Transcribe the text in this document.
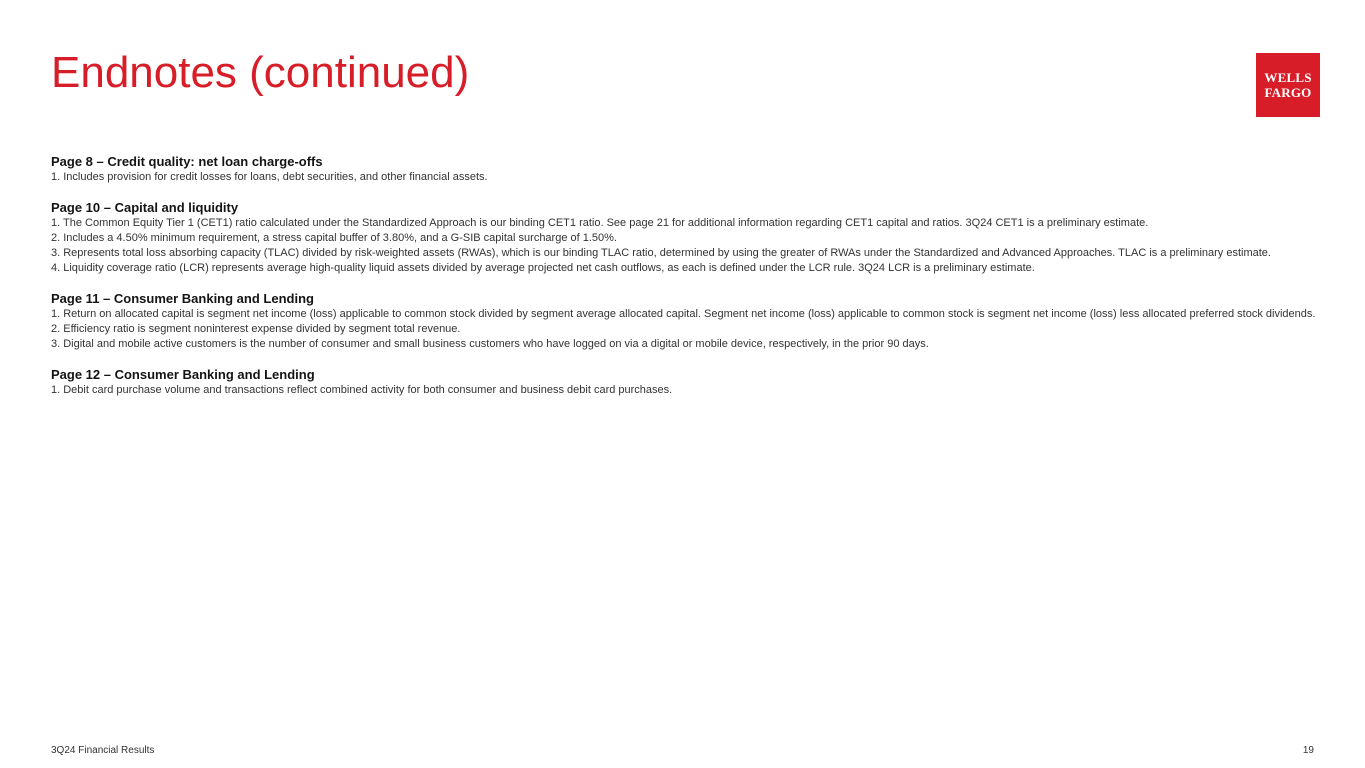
Endnotes (continued)	WELLS
FARGO
Page 8 – Credit quality: net loan charge-offs
1. Includes provision for credit losses for loans, debt securities, and other financial assets.
Page 10 – Capital and liquidity
1. The Common Equity Tier 1 (CET1) ratio calculated under the Standardized Approach is our binding CET1 ratio. See page 21 for additional information regarding CET1 capital and ratios. 3Q24 CET1 is a preliminary estimate.
2. Includes a 4.50% minimum requirement, a stress capital buffer of 3.80%, and a G-SIB capital surcharge of 1.50%.
3. Represents total loss absorbing capacity (TLAC) divided by risk-weighted assets (RWAs), which is our binding TLAC ratio, determined by using the greater of RWAs under the Standardized and Advanced Approaches. TLAC is a preliminary estimate.
4. Liquidity coverage ratio (LCR) represents average high-quality liquid assets divided by average projected net cash outflows, as each is defined under the LCR rule. 3Q24 LCR is a preliminary estimate.
Page 11 – Consumer Banking and Lending
1. Return on allocated capital is segment net income (loss) applicable to common stock divided by segment average allocated capital. Segment net income (loss) applicable to common stock is segment net income (loss) less allocated preferred stock dividends.
2. Efficiency ratio is segment noninterest expense divided by segment total revenue.
3. Digital and mobile active customers is the number of consumer and small business customers who have logged on via a digital or mobile device, respectively, in the prior 90 days.
Page 12 – Consumer Banking and Lending
1. Debit card purchase volume and transactions reflect combined activity for both consumer and business debit card purchases.
3Q24 Financial Results	19
